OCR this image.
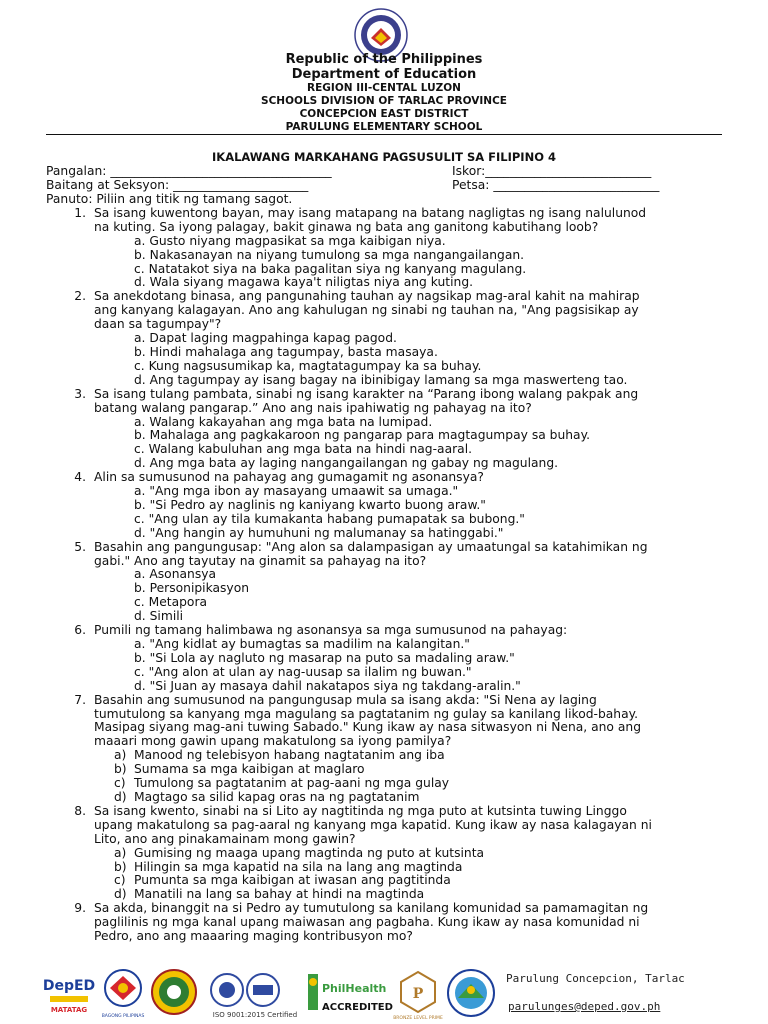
Republic of the Philippines
Department of Education
REGION III-CENTAL LUZON
SCHOOLS DIVISION OF TARLAC PROVINCE
CONCEPCION EAST DISTRICT
PARULUNG ELEMENTARY SCHOOL
IKALAWANG MARKAHANG PAGSUSULIT SA FILIPINO 4
Pangalan: ____________________________________	Iskor:___________________________
Baitang at Seksyon: ______________________	Petsa: ___________________________
Panuto: Piliin ang titik ng tamang sagot.
1. Sa isang kuwentong bayan, may isang matapang na batang nagligtas ng isang nalulunod
na kuting. Sa iyong palagay, bakit ginawa ng bata ang ganitong kabutihang loob?
a. Gusto niyang magpasikat sa mga kaibigan niya.
b. Nakasanayan na niyang tumulong sa mga nangangailangan.
c. Natatakot siya na baka pagalitan siya ng kanyang magulang.
d. Wala siyang magawa kaya't niligtas niya ang kuting.
2. Sa anekdotang binasa, ang pangunahing tauhan ay nagsikap mag-aral kahit na mahirap
ang kanyang kalagayan. Ano ang kahulugan ng sinabi ng tauhan na, "Ang pagsisikap ay
daan sa tagumpay"?
a. Dapat laging magpahinga kapag pagod.
b. Hindi mahalaga ang tagumpay, basta masaya.
c. Kung nagsusumikap ka, magtatagumpay ka sa buhay.
d. Ang tagumpay ay isang bagay na ibinibigay lamang sa mga maswerteng tao.
3. Sa isang tulang pambata, sinabi ng isang karakter na “Parang ibong walang pakpak ang
batang walang pangarap.” Ano ang nais ipahiwatig ng pahayag na ito?
a. Walang kakayahan ang mga bata na lumipad.
b. Mahalaga ang pagkakaroon ng pangarap para magtagumpay sa buhay.
c. Walang kabuluhan ang mga bata na hindi nag-aaral.
d. Ang mga bata ay laging nangangailangan ng gabay ng magulang.
4. Alin sa sumusunod na pahayag ang gumagamit ng asonansya?
a. "Ang mga ibon ay masayang umaawit sa umaga."
b. "Si Pedro ay naglinis ng kaniyang kwarto buong araw."
c. "Ang ulan ay tila kumakanta habang pumapatak sa bubong."
d. "Ang hangin ay humuhuni ng malumanay sa hatinggabi."
5. Basahin ang pangungusap: "Ang alon sa dalampasigan ay umaatungal sa katahimikan ng
gabi." Ano ang tayutay na ginamit sa pahayag na ito?
a. Asonansya
b. Personipikasyon
c. Metapora
d. Simili
6. Pumili ng tamang halimbawa ng asonansya sa mga sumusunod na pahayag:
a. "Ang kidlat ay bumagtas sa madilim na kalangitan."
b. "Si Lola ay nagluto ng masarap na puto sa madaling araw."
c. "Ang alon at ulan ay nag-uusap sa ilalim ng buwan."
d. "Si Juan ay masaya dahil nakatapos siya ng takdang-aralin."
7. Basahin ang sumusunod na pangungusap mula sa isang akda: "Si Nena ay laging
tumutulong sa kanyang mga magulang sa pagtatanim ng gulay sa kanilang likod-bahay.
Masipag siyang mag-ani tuwing Sabado." Kung ikaw ay nasa sitwasyon ni Nena, ano ang
maaari mong gawin upang makatulong sa iyong pamilya?
a) Manood ng telebisyon habang nagtatanim ang iba
b) Sumama sa mga kaibigan at maglaro
c) Tumulong sa pagtatanim at pag-aani ng mga gulay
d) Magtago sa silid kapag oras na ng pagtatanim
8. Sa isang kwento, sinabi na si Lito ay nagtitinda ng mga puto at kutsinta tuwing Linggo
upang makatulong sa pag-aaral ng kanyang mga kapatid. Kung ikaw ay nasa kalagayan ni
Lito, ano ang pinakamainam mong gawin?
a) Gumising ng maaga upang magtinda ng puto at kutsinta
b) Hilingin sa mga kapatid na sila na lang ang magtinda
c) Pumunta sa mga kaibigan at iwasan ang pagtitinda
d) Manatili na lang sa bahay at hindi na magtinda
9. Sa akda, binanggit na si Pedro ay tumutulong sa kanilang komunidad sa pamamagitan ng
paglilinis ng mga kanal upang maiwasan ang pagbaha. Kung ikaw ay nasa komunidad ni
Pedro, ano ang maaaring maging kontribusyon mo?
DepED
MATATAG
BAGONG PILIPINAS	ISO 9001:2015 Certified
PhilHealth
ACCREDITED
P
BRONZE LEVEL PRIME
Parulung Concepcion, Tarlac
parulunges@deped.gov.ph
